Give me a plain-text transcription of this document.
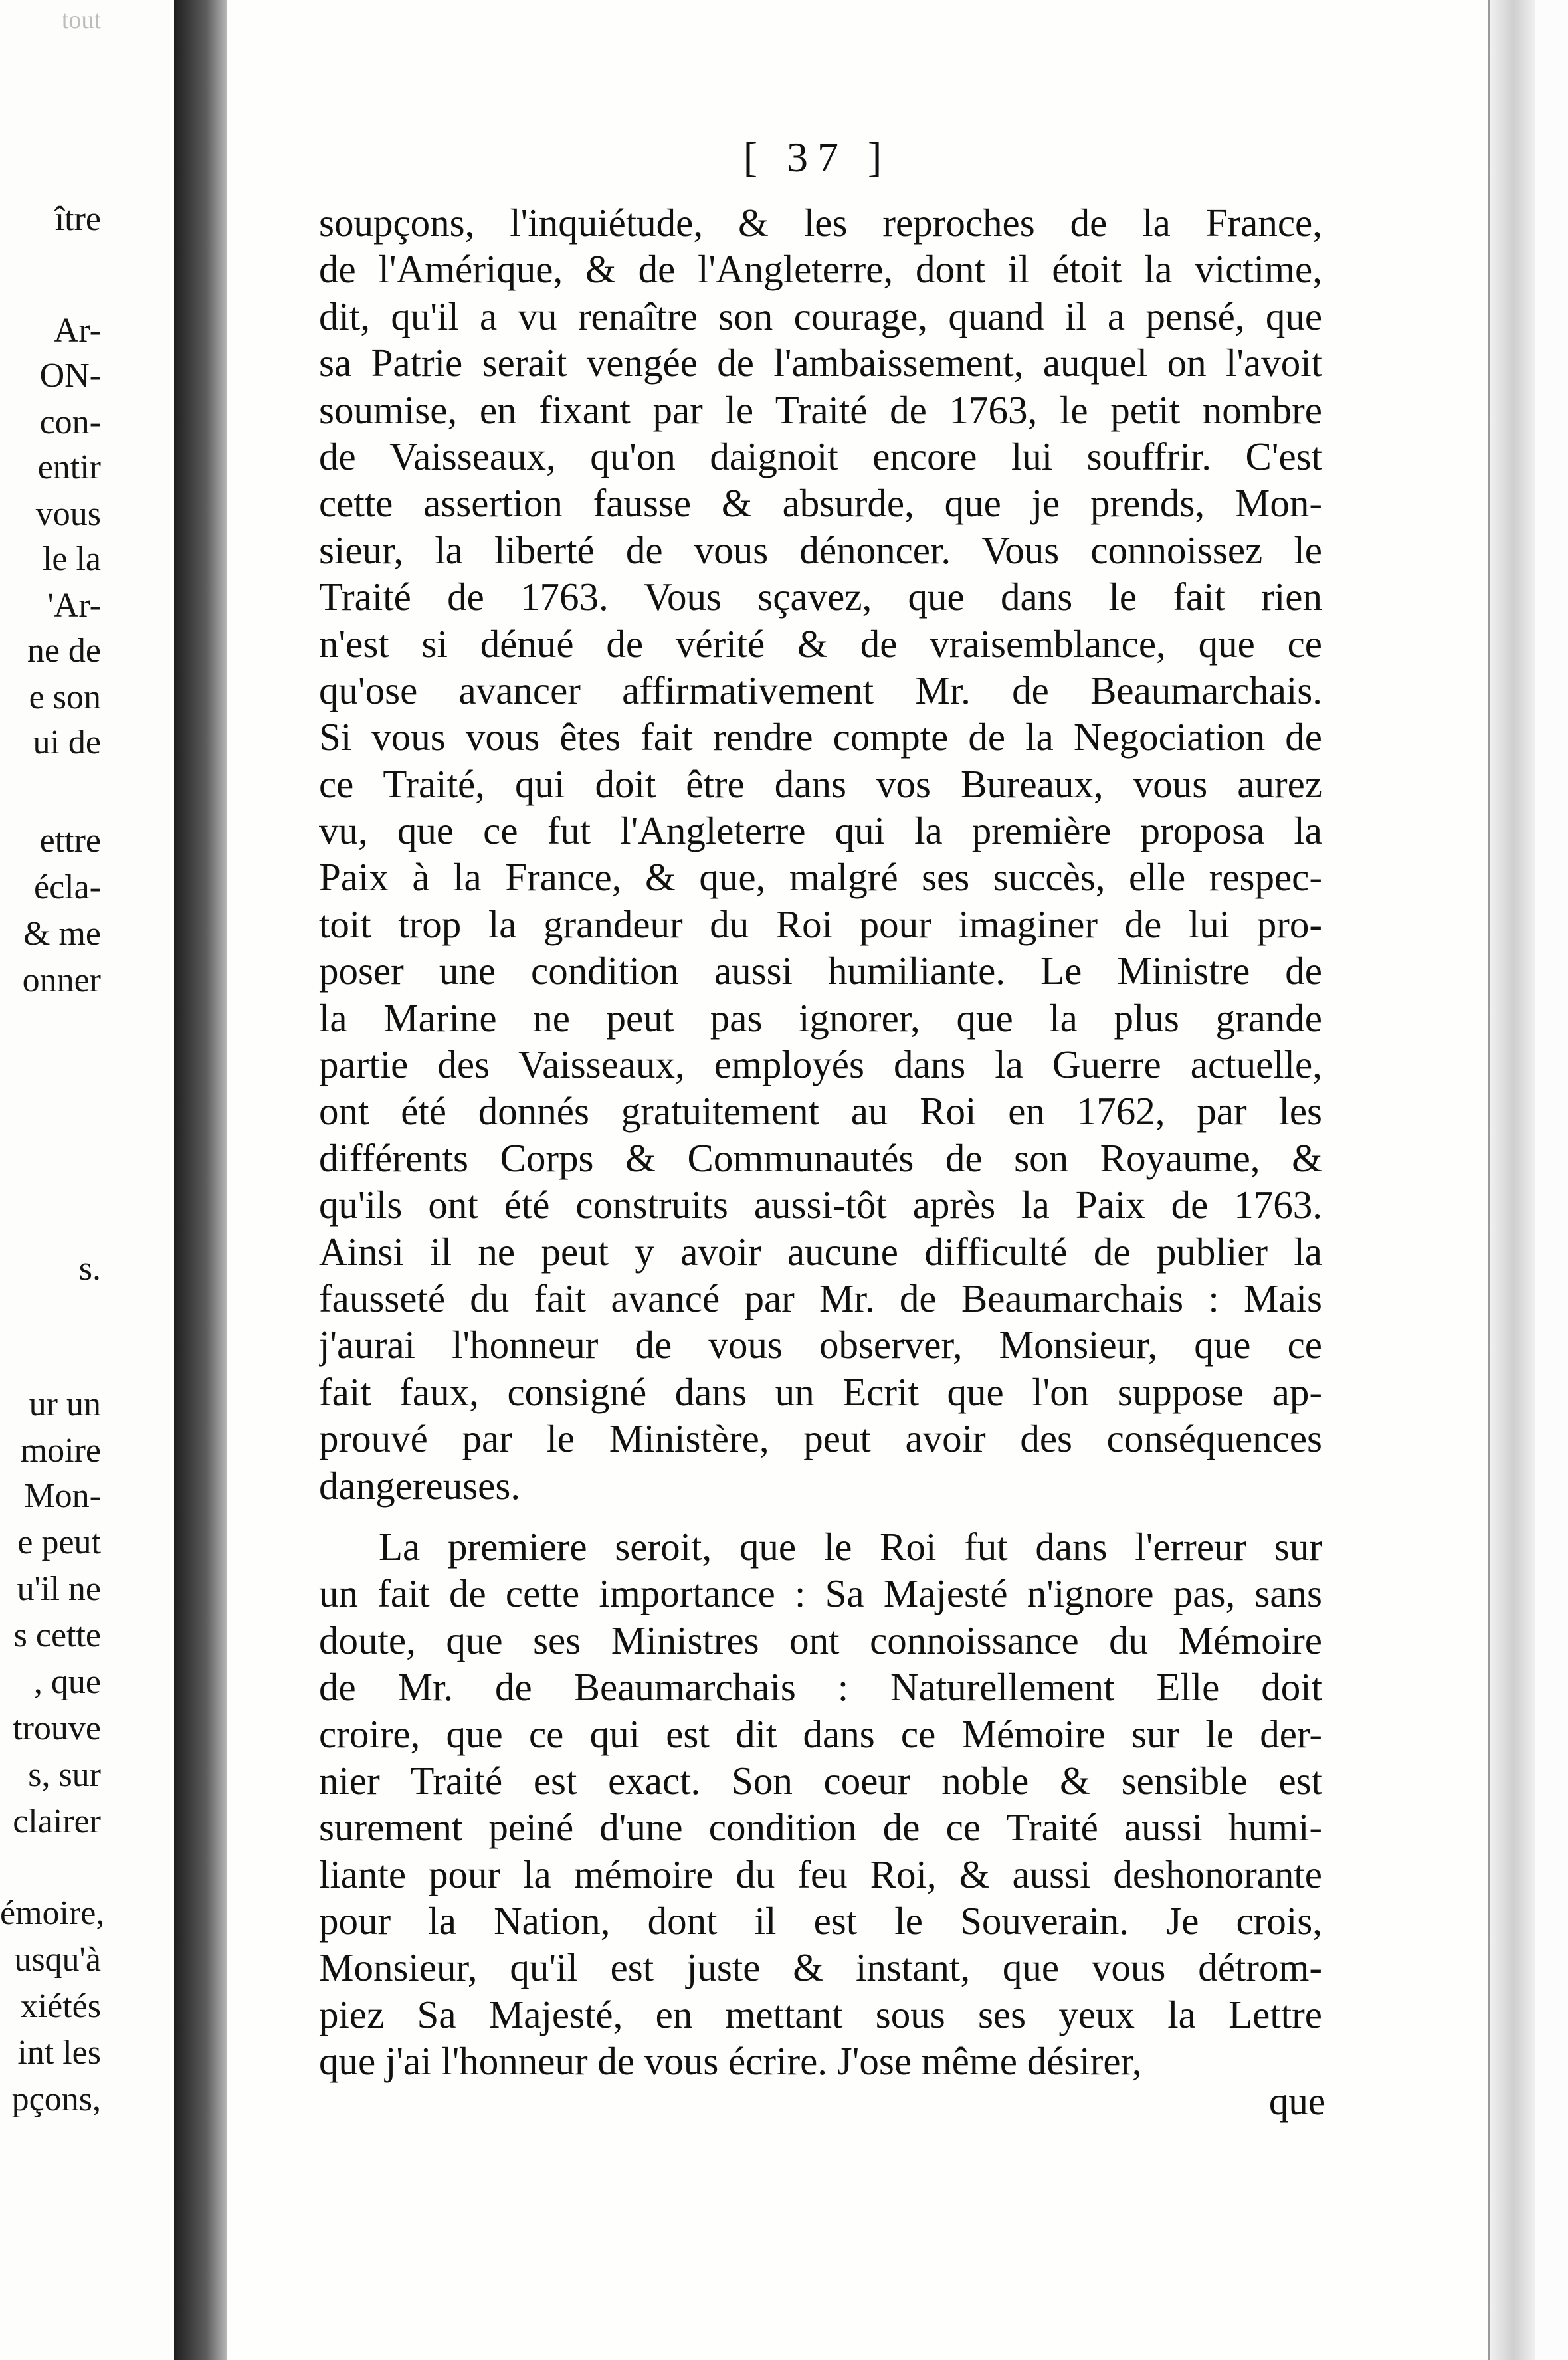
ître
Ar-
ON-
con-
entir
vous
le la
'Ar-
ne de
e son
ui de
ettre
écla-
& me
onner
tout
s.
ur un
moire
Mon-
e peut
u'il ne
s cette
, que
trouve
s, sur
clairer
émoire,
usqu'à
xiétés
int les
pçons,
[ 37 ]
soupçons, l'inquiétude, & les reproches de la France,
de l'Amérique, & de l'Angleterre, dont il étoit la victime,
dit, qu'il a vu renaître son courage, quand il a pensé, que
sa Patrie serait vengée de l'ambaissement, auquel on l'avoit
soumise, en fixant par le Traité de 1763, le petit nombre
de Vaisseaux, qu'on daignoit encore lui souffrir. C'est
cette assertion fausse & absurde, que je prends, Mon-
sieur, la liberté de vous dénoncer. Vous connoissez le
Traité de 1763. Vous sçavez, que dans le fait rien
n'est si dénué de vérité & de vraisemblance, que ce
qu'ose avancer affirmativement Mr. de Beaumarchais.
Si vous vous êtes fait rendre compte de la Negociation de
ce Traité, qui doit être dans vos Bureaux, vous aurez
vu, que ce fut l'Angleterre qui la première proposa la
Paix à la France, & que, malgré ses succès, elle respec-
toit trop la grandeur du Roi pour imaginer de lui pro-
poser une condition aussi humiliante. Le Ministre de
la Marine ne peut pas ignorer, que la plus grande
partie des Vaisseaux, employés dans la Guerre actuelle,
ont été donnés gratuitement au Roi en 1762, par les
différents Corps & Communautés de son Royaume, &
qu'ils ont été construits aussi-tôt après la Paix de 1763.
Ainsi il ne peut y avoir aucune difficulté de publier la
fausseté du fait avancé par Mr. de Beaumarchais : Mais
j'aurai l'honneur de vous observer, Monsieur, que ce
fait faux, consigné dans un Ecrit que l'on suppose ap-
prouvé par le Ministère, peut avoir des conséquences
dangereuses.
La premiere seroit, que le Roi fut dans l'erreur sur
un fait de cette importance : Sa Majesté n'ignore pas, sans
doute, que ses Ministres ont connoissance du Mémoire
de Mr. de Beaumarchais : Naturellement Elle doit
croire, que ce qui est dit dans ce Mémoire sur le der-
nier Traité est exact. Son coeur noble & sensible est
surement peiné d'une condition de ce Traité aussi humi-
liante pour la mémoire du feu Roi, & aussi deshonorante
pour la Nation, dont il est le Souverain. Je crois,
Monsieur, qu'il est juste & instant, que vous détrom-
piez Sa Majesté, en mettant sous ses yeux la Lettre
que j'ai l'honneur de vous écrire. J'ose même désirer,
que
